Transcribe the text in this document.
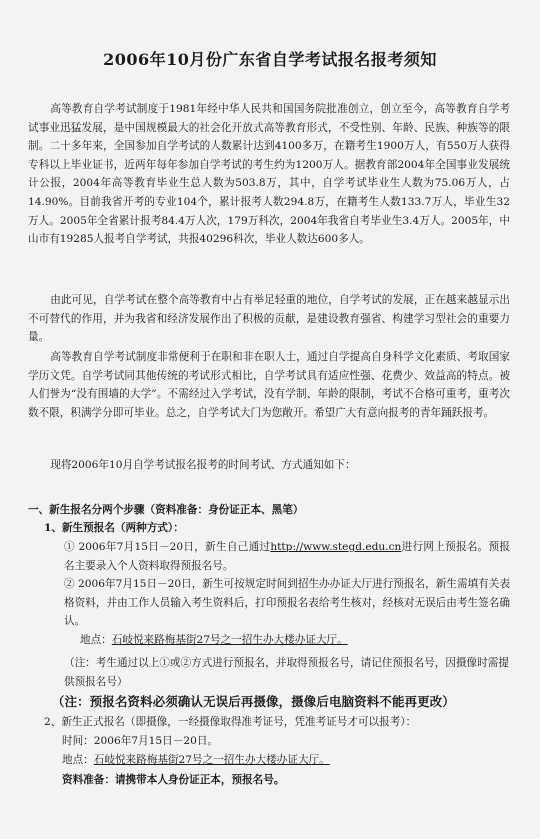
2006年10月份广东省自学考试报名报考须知

高等教育自学考试制度于1981年经中华人民共和国国务院批准创立，创立至今，高等教育自学考试事业迅猛发展，是中国规模最大的社会化开放式高等教育形式，不受性别、年龄、民族、种族等的限制。二十多年来，全国参加自学考试的人数累计达到4100多万，在籍考生1900万人，有550万人获得专科以上毕业证书，近两年每年参加自学考试的考生约为1200万人。据教育部2004年全国事业发展统计公报，2004年高等教育毕业生总人数为503.8万，其中，自学考试毕业生人数为75.06万人，占14.90%。目前我省开考的专业104个，累计报考人数294.8万，在籍考生人数133.7万人，毕业生32万人。2005年全省累计报考84.4万人次，179万科次，2004年我省自考毕业生3.4万人。2005年，中山市有19285人报考自学考试，共报40296科次，毕业人数达600多人。

由此可见，自学考试在整个高等教育中占有举足轻重的地位，自学考试的发展，正在越来越显示出不可替代的作用，并为我省和经济发展作出了积极的贡献，是建设教育强省、构建学习型社会的重要力量。

高等教育自学考试制度非常便利于在职和非在职人士，通过自学提高自身科学文化素质、考取国家学历文凭。自学考试同其他传统的考试形式相比，自学考试具有适应性强、花费少、效益高的特点。被人们誉为“没有围墙的大学”。不需经过入学考试，没有学制、年龄的限制，考试不合格可重考，重考次数不限，积满学分即可毕业。总之，自学考试大门为您敞开。希望广大有意向报考的青年踊跃报考。

现将2006年10月自学考试报名报考的时间考试、方式通知如下：

一、新生报名分两个步骤（资料准备：身份证正本、黑笔）
1、新生预报名（两种方式）：

① 2006年7月15日－20日，新生自己通过http://www.stegd.edu.cn进行网上预报名。预报名主要录入个人资料取得预报名号。

② 2006年7月15日－20日，新生可按规定时间到招生办办证大厅进行预报名，新生需填有关表格资料，并由工作人员输入考生资料后，打印预报名表给考生核对，经核对无误后由考生签名确认。

地点：石岐悦来路梅基街27号之一招生办大楼办证大厅。

（注：考生通过以上①或②方式进行预报名，并取得预报名号，请记住预报名号，因摄像时需提供预报名号）

（注：预报名资料必须确认无误后再摄像，摄像后电脑资料不能再更改）
2、新生正式报名（即摄像，一经摄像取得准考证号，凭准考证号才可以报考）：
时间：2006年7月15日－20日。
地点：石岐悦来路梅基街27号之一招生办大楼办证大厅。
资料准备：请携带本人身份证正本，预报名号。
